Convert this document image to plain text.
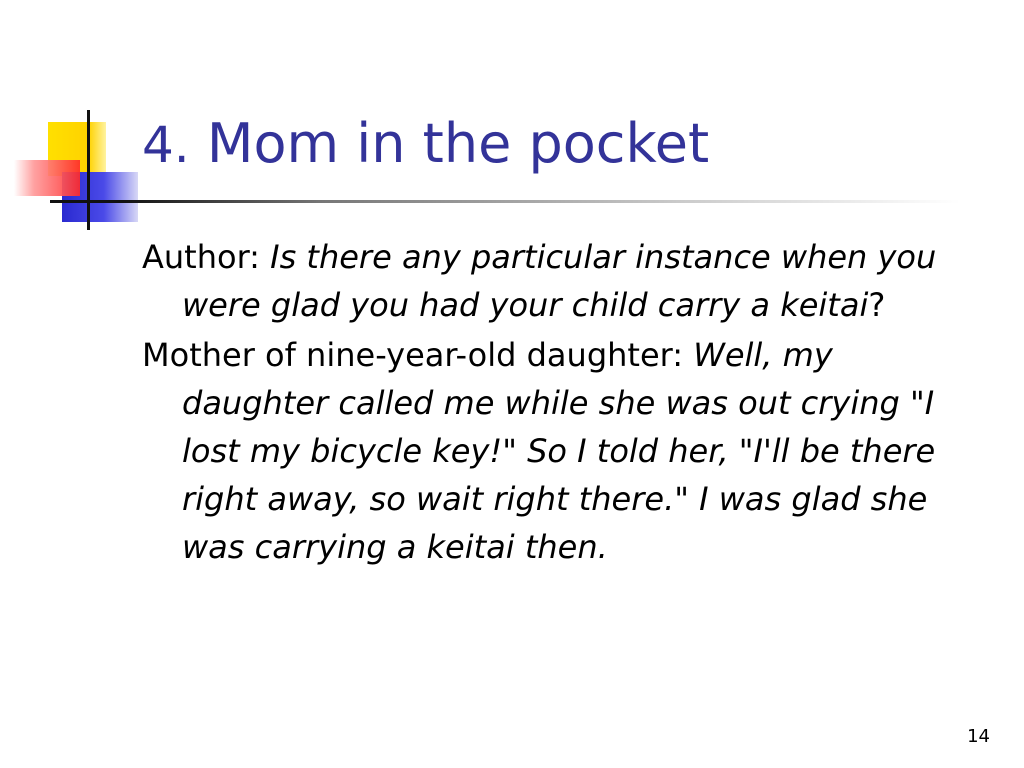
4. Mom in the pocket

Author: Is there any particular instance when you were glad you had your child carry a keitai?

Mother of nine-year-old daughter: Well, my daughter called me while she was out crying "I lost my bicycle key!" So I told her, "I'll be there right away, so wait right there." I was glad she was carrying a keitai then.

14
